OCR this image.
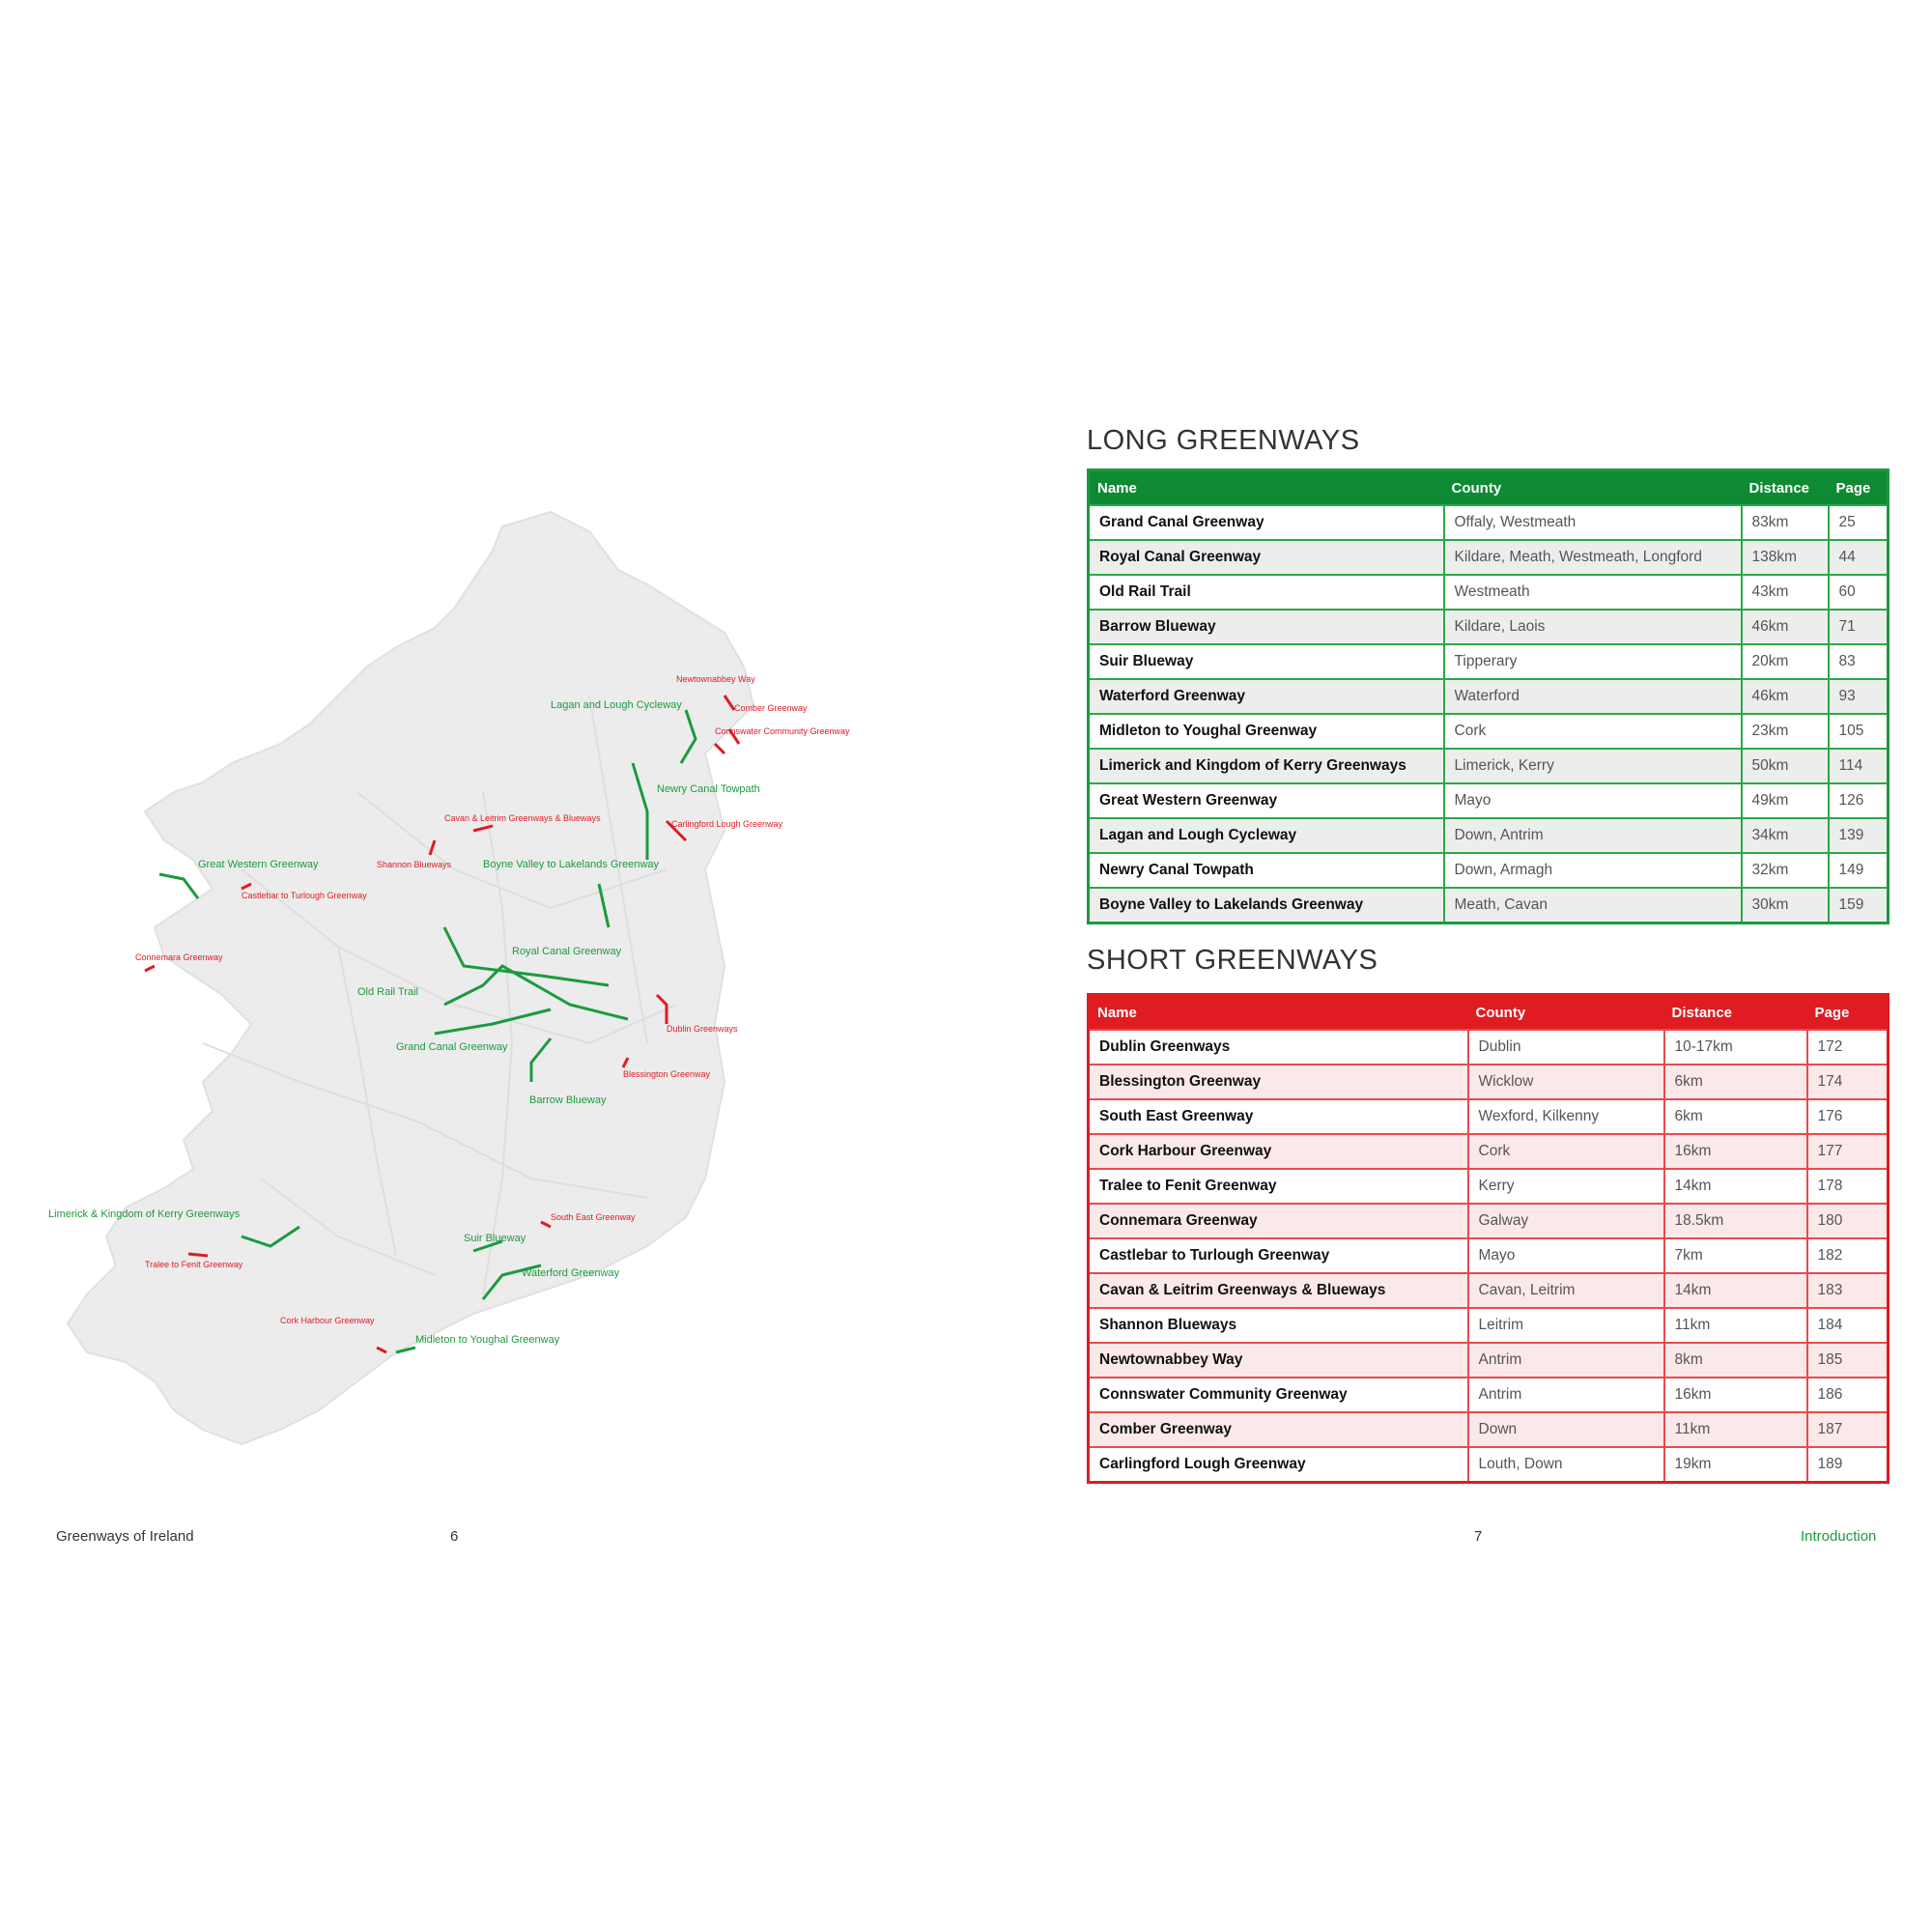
Lagan and Lough Cycleway
Newry Canal Towpath
Great Western Greenway	Boyne Valley to Lakelands Greenway
Royal Canal Greenway
Old Rail Trail
Grand Canal Greenway
Barrow Blueway
Limerick & Kingdom of Kerry Greenways
Suir Blueway
Waterford Greenway
Midleton to Youghal Greenway
Newtownabbey Way
Comber Greenway
Connswater Community Greenway
Carlingford Lough Greenway
Cavan & Leitrim Greenways & Blueways
Shannon Blueways
Castlebar to Turlough Greenway
Connemara Greenway
Dublin Greenways
Blessington Greenway
Tralee to Fenit Greenway
South East Greenway
Cork Harbour Greenway
Greenways of Ireland	6
LONG GREENWAYS
Name	County	Distance	Page
Grand Canal Greenway	Offaly, Westmeath	83km	25
Royal Canal Greenway	Kildare, Meath, Westmeath, Longford	138km	44
Old Rail Trail	Westmeath	43km	60
Barrow Blueway	Kildare, Laois	46km	71
Suir Blueway	Tipperary	20km	83
Waterford Greenway	Waterford	46km	93
Midleton to Youghal Greenway	Cork	23km	105
Limerick and Kingdom of Kerry Greenways	Limerick, Kerry	50km	114
Great Western Greenway	Mayo	49km	126
Lagan and Lough Cycleway	Down, Antrim	34km	139
Newry Canal Towpath	Down, Armagh	32km	149
Boyne Valley to Lakelands Greenway	Meath, Cavan	30km	159
SHORT GREENWAYS
Name	County	Distance	Page
Dublin Greenways	Dublin	10-17km	172
Blessington Greenway	Wicklow	6km	174
South East Greenway	Wexford, Kilkenny	6km	176
Cork Harbour Greenway	Cork	16km	177
Tralee to Fenit Greenway	Kerry	14km	178
Connemara Greenway	Galway	18.5km	180
Castlebar to Turlough Greenway	Mayo	7km	182
Cavan & Leitrim Greenways & Blueways	Cavan, Leitrim	14km	183
Shannon Blueways	Leitrim	11km	184
Newtownabbey Way	Antrim	8km	185
Connswater Community Greenway	Antrim	16km	186
Comber Greenway	Down	11km	187
Carlingford Lough Greenway	Louth, Down	19km	189
7	Introduction
